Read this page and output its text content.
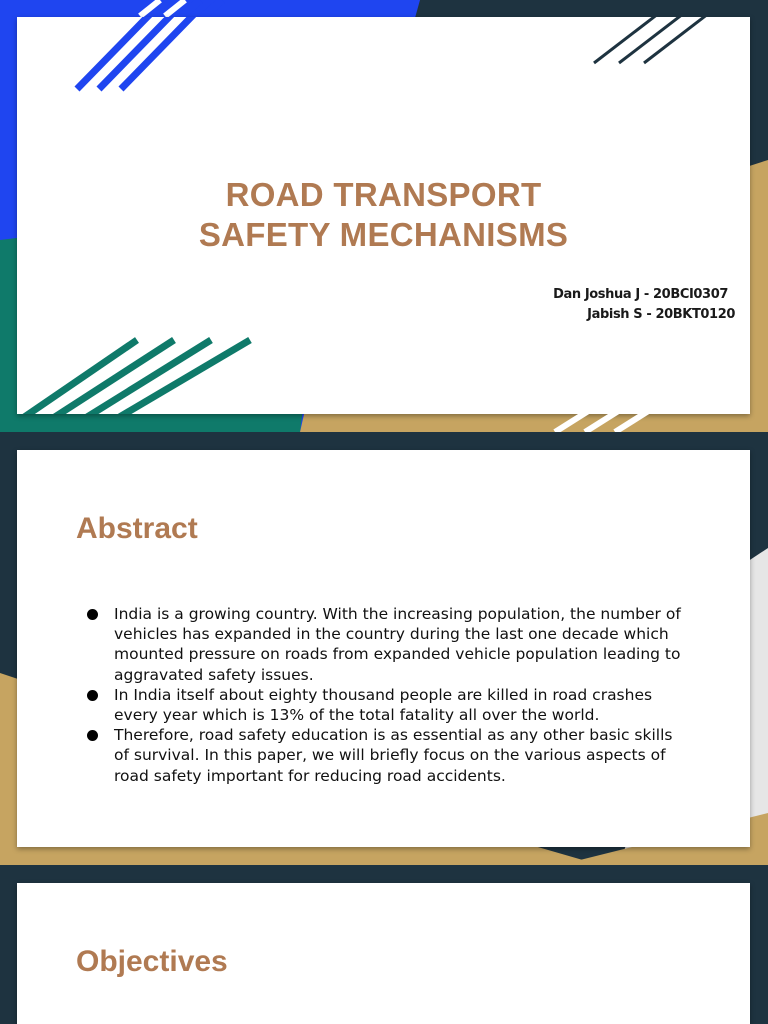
ROAD TRANSPORT
SAFETY MECHANISMS
Dan Joshua J - 20BCI0307
Jabish S - 20BKT0120
Abstract
India is a growing country. With the increasing population, the number of vehicles has expanded in the country during the last one decade which mounted pressure on roads from expanded vehicle population leading to aggravated safety issues.
In India itself about eighty thousand people are killed in road crashes every year which is 13% of the total fatality all over the world.
Therefore, road safety education is as essential as any other basic skills of survival. In this paper, we will briefly focus on the various aspects of road safety important for reducing road accidents.
Objectives
